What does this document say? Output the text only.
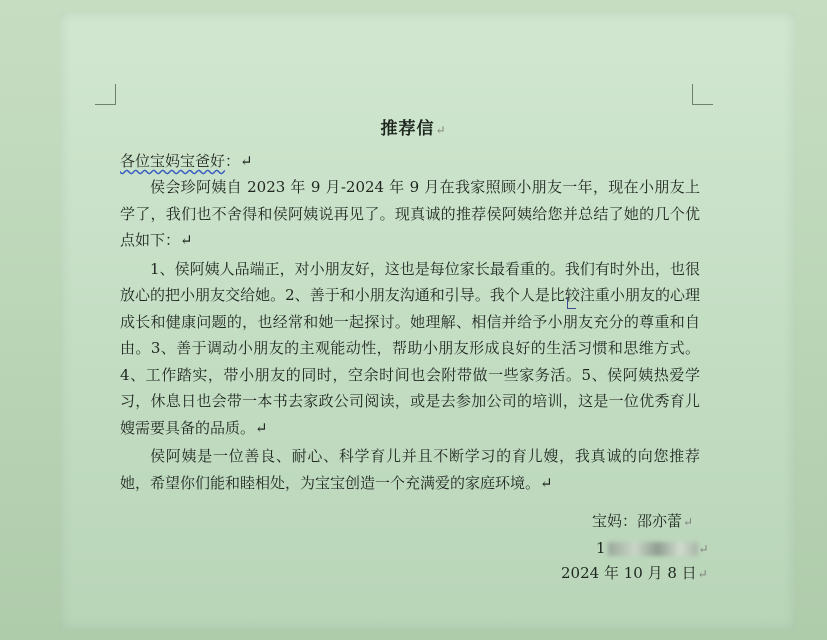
推荐信↵
各位宝妈宝爸好：↵

侯会珍阿姨自 2023 年 9 月-2024 年 9 月在我家照顾小朋友一年，现在小朋友上学了，我们也不舍得和侯阿姨说再见了。现真诚的推荐侯阿姨给您并总结了她的几个优点如下：↵

1、侯阿姨人品端正，对小朋友好，这也是每位家长最看重的。我们有时外出，也很放心的把小朋友交给她。2、善于和小朋友沟通和引导。我个人是比较注重小朋友的心理成长和健康问题的，也经常和她一起探讨。她理解、相信并给予小朋友充分的尊重和自由。3、善于调动小朋友的主观能动性，帮助小朋友形成良好的生活习惯和思维方式。4、工作踏实，带小朋友的同时，空余时间也会附带做一些家务活。5、侯阿姨热爱学习，休息日也会带一本书去家政公司阅读，或是去参加公司的培训，这是一位优秀育儿嫂需要具备的品质。↵

侯阿姨是一位善良、耐心、科学育儿并且不断学习的育儿嫂，我真诚的向您推荐她，希望你们能和睦相处，为宝宝创造一个充满爱的家庭环境。↵

宝妈：邵亦蕾↵
1	↵
2024 年 10 月 8 日↵
